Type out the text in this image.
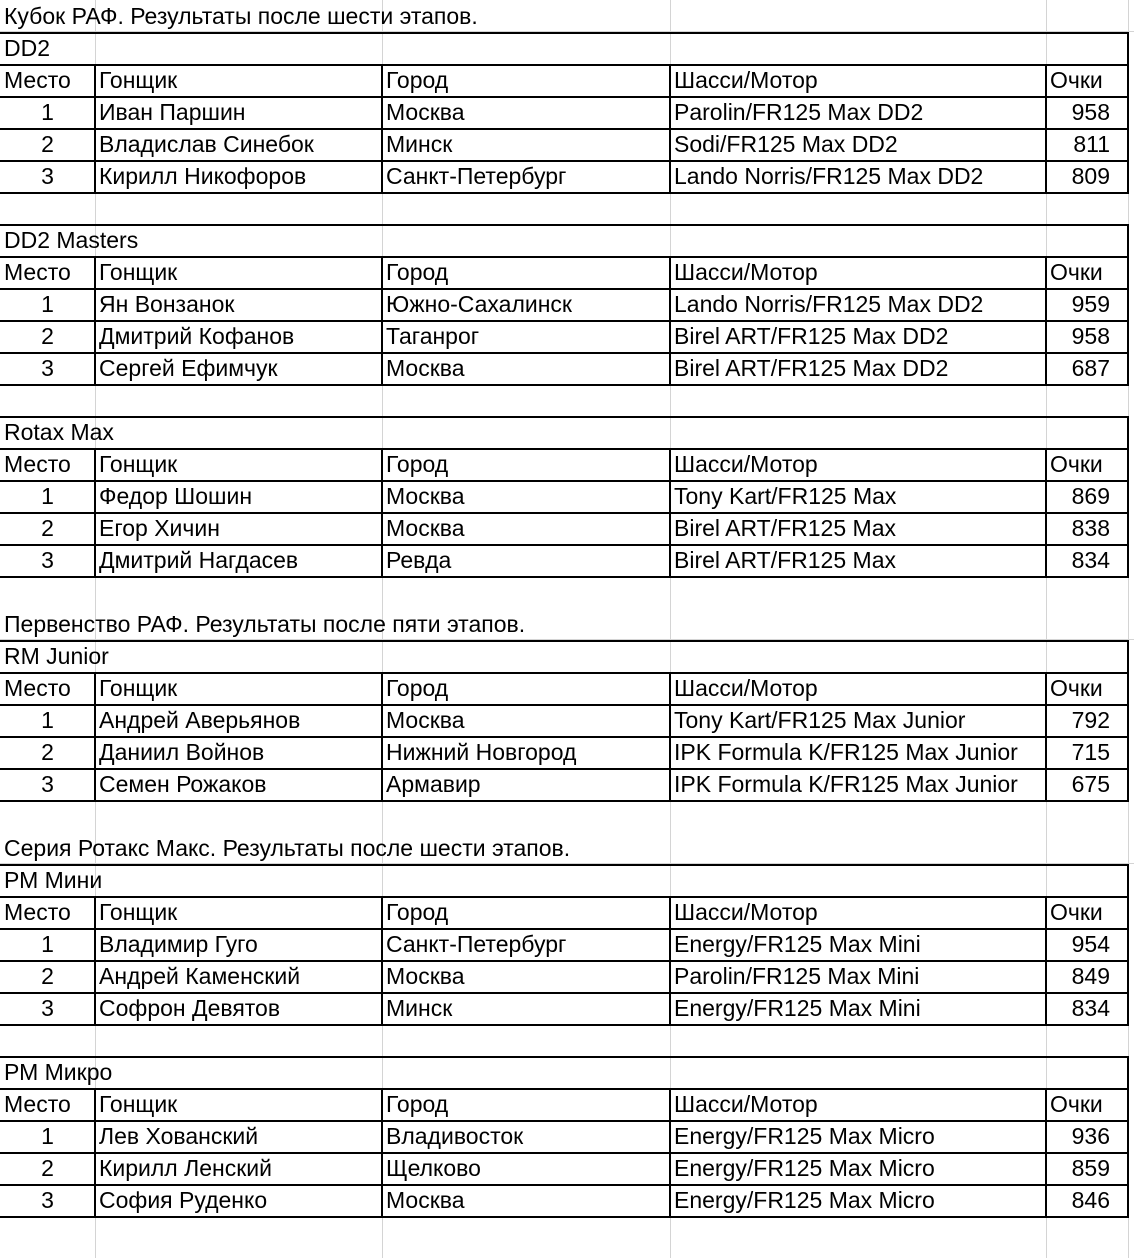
Кубок РАФ. Результаты после шести этапов.
DD2
Место	Гонщик	Город	Шасси/Мотор	Очки
1	Иван Паршин	Москва	Parolin/FR125 Max DD2	958
2	Владислав Синебок	Минск	Sodi/FR125 Max DD2	811
3	Кирилл Никофоров	Санкт-Петербург	Lando Norris/FR125 Max DD2	809
DD2 Masters
Место	Гонщик	Город	Шасси/Мотор	Очки
1	Ян Вонзанок	Южно-Сахалинск	Lando Norris/FR125 Max DD2	959
2	Дмитрий Кофанов	Таганрог	Birel ART/FR125 Max DD2	958
3	Сергей Ефимчук	Москва	Birel ART/FR125 Max DD2	687
Rotax Max
Место	Гонщик	Город	Шасси/Мотор	Очки
1	Федор Шошин	Москва	Tony Kart/FR125 Max	869
2	Егор Хичин	Москва	Birel ART/FR125 Max	838
3	Дмитрий Нагдасев	Ревда	Birel ART/FR125 Max	834
Первенство РАФ. Результаты после пяти этапов.
RM Junior
Место	Гонщик	Город	Шасси/Мотор	Очки
1	Андрей Аверьянов	Москва	Tony Kart/FR125 Max Junior	792
2	Даниил Войнов	Нижний Новгород	IPK Formula K/FR125 Max Junior	715
3	Семен Рожаков	Армавир	IPK Formula K/FR125 Max Junior	675
Серия Ротакс Макс. Результаты после шести этапов.
РМ Мини
Место	Гонщик	Город	Шасси/Мотор	Очки
1	Владимир Гуго	Санкт-Петербург	Energy/FR125 Max Mini	954
2	Андрей Каменский	Москва	Parolin/FR125 Max Mini	849
3	Софрон Девятов	Минск	Energy/FR125 Max Mini	834
РМ Микро
Место	Гонщик	Город	Шасси/Мотор	Очки
1	Лев Хованский	Владивосток	Energy/FR125 Max Micro	936
2	Кирилл Ленский	Щелково	Energy/FR125 Max Micro	859
3	София Руденко	Москва	Energy/FR125 Max Micro	846
